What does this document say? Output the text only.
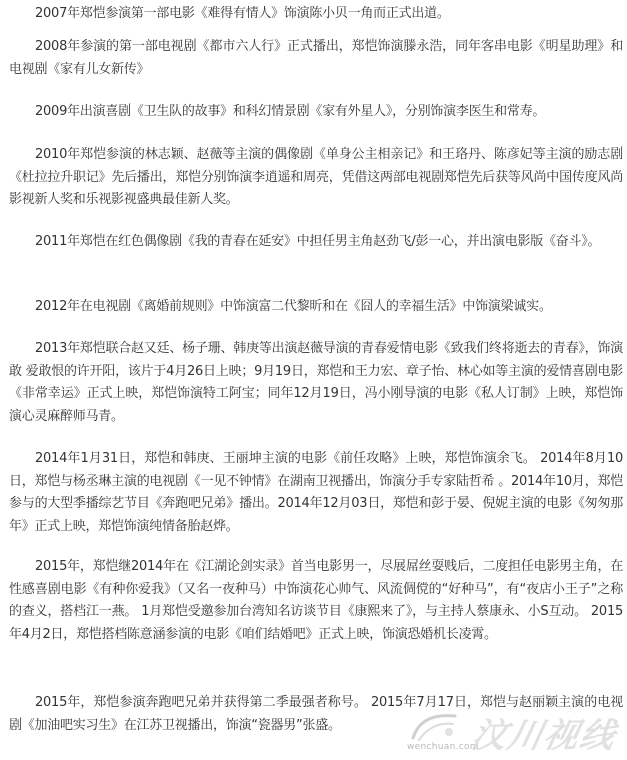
2007年郑恺参演第一部电影《难得有情人》饰演陈小贝一角而正式出道。

2008年参演的第一部电视剧《都市六人行》正式播出，郑恺饰演滕永浩，同年客串电影《明星助理》和电视剧《家有儿女新传》

2009年出演喜剧《卫生队的故事》和科幻情景剧《家有外星人》，分别饰演李医生和常寿。

2010年郑恺参演的林志颖、赵薇等主演的偶像剧《单身公主相亲记》和王珞丹、陈彦妃等主演的励志剧《杜拉拉升职记》先后播出，郑恺分别饰演李逍遥和周亮，凭借这两部电视剧郑恺先后获等风尚中国传度风尚影视新人奖和乐视影视盛典最佳新人奖。

2011年郑恺在红色偶像剧《我的青春在延安》中担任男主角赵劲飞/彭一心，并出演电影版《奋斗》。

2012年在电视剧《离婚前规则》中饰演富二代黎昕和在《囧人的幸福生活》中饰演梁诚实。

2013年郑恺联合赵又廷、杨子珊、韩庚等出演赵薇导演的青春爱情电影《致我们终将逝去的青春》，饰演敢 爱敢恨的许开阳，该片于4月26日上映；9月19日，郑恺和王力宏、章子怡、林心如等主演的爱情喜剧电影《非常幸运》正式上映，郑恺饰演特工阿宝；同年12月19日，冯小刚导演的电影《私人订制》上映，郑恺饰演心灵麻醉师马青。

2014年1月31日，郑恺和韩庚、王丽坤主演的电影《前任攻略》上映，郑恺饰演余飞。 2014年8月10日，郑恺与杨丞琳主演的电视剧《一见不钟情》在湖南卫视播出，饰演分手专家陆哲希 。2014年10月，郑恺参与的大型季播综艺节目《奔跑吧兄弟》播出。2014年12月03日，郑恺和彭于晏、倪妮主演的电影《匆匆那年》正式上映，郑恺饰演纯情备胎赵烨。

2015年，郑恺继2014年在《江湖论剑实录》首当电影男一，尽展屌丝耍贱后，二度担任电影男主角，在性感喜剧电影《有种你爱我》（又名一夜种马）中饰演花心帅气、风流倜傥的“好种马”，有“夜店小王子”之称的查义，搭档江一燕。 1月郑恺受邀参加台湾知名访谈节目《康熙来了》，与主持人蔡康永、小S互动。 2015年4月2日，郑恺搭档陈意涵参演的电影《咱们结婚吧》正式上映，饰演恐婚机长凌霄。

2015年，郑恺参演奔跑吧兄弟并获得第二季最强者称号。 2015年7月17日，郑恺与赵丽颖主演的电视剧《加油吧实习生》在江苏卫视播出，饰演“瓷器男”张盛。

wenchuan.com
汶川视线
